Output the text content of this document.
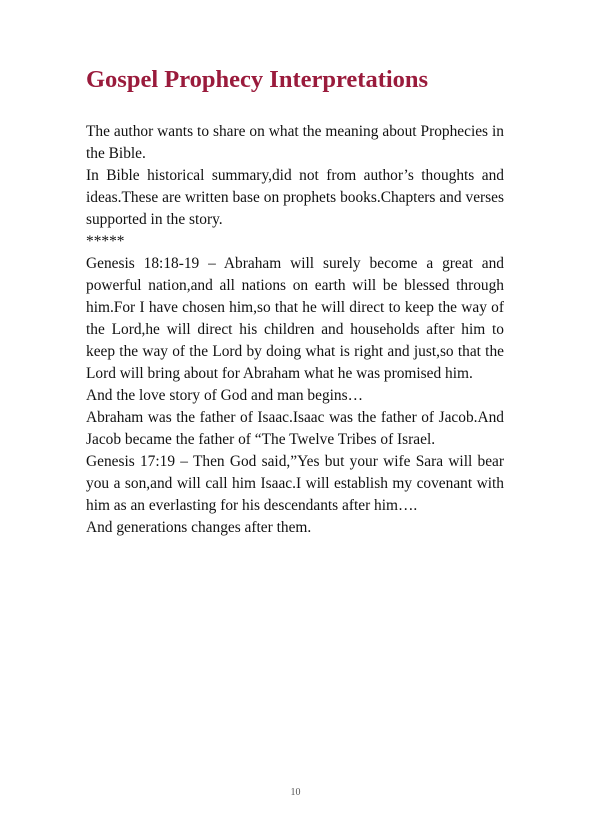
Gospel Prophecy Interpretations

The author wants to share on what the meaning about Prophecies in the Bible.

In Bible historical summary,did not from author’s thoughts and ideas.These are written base on prophets books.Chapters and verses supported in the story.

*****

Genesis 18:18-19 – Abraham will surely become a great and powerful nation,and all nations on earth will be blessed through him.For I have chosen him,so that he will direct to keep the way of the Lord,he will direct his children and households after him to keep the way of the Lord by doing what is right and just,so that the Lord will bring about for Abraham what he was promised him.

And the love story of God and man begins…

Abraham was the father of Isaac.Isaac was the father of Jacob.And Jacob became the father of “The Twelve Tribes of Israel.

Genesis 17:19 – Then God said,”Yes but your wife Sara will bear you a son,and will call him Isaac.I will establish my covenant with him as an everlasting for his descendants after him….

And generations changes after them.

10
